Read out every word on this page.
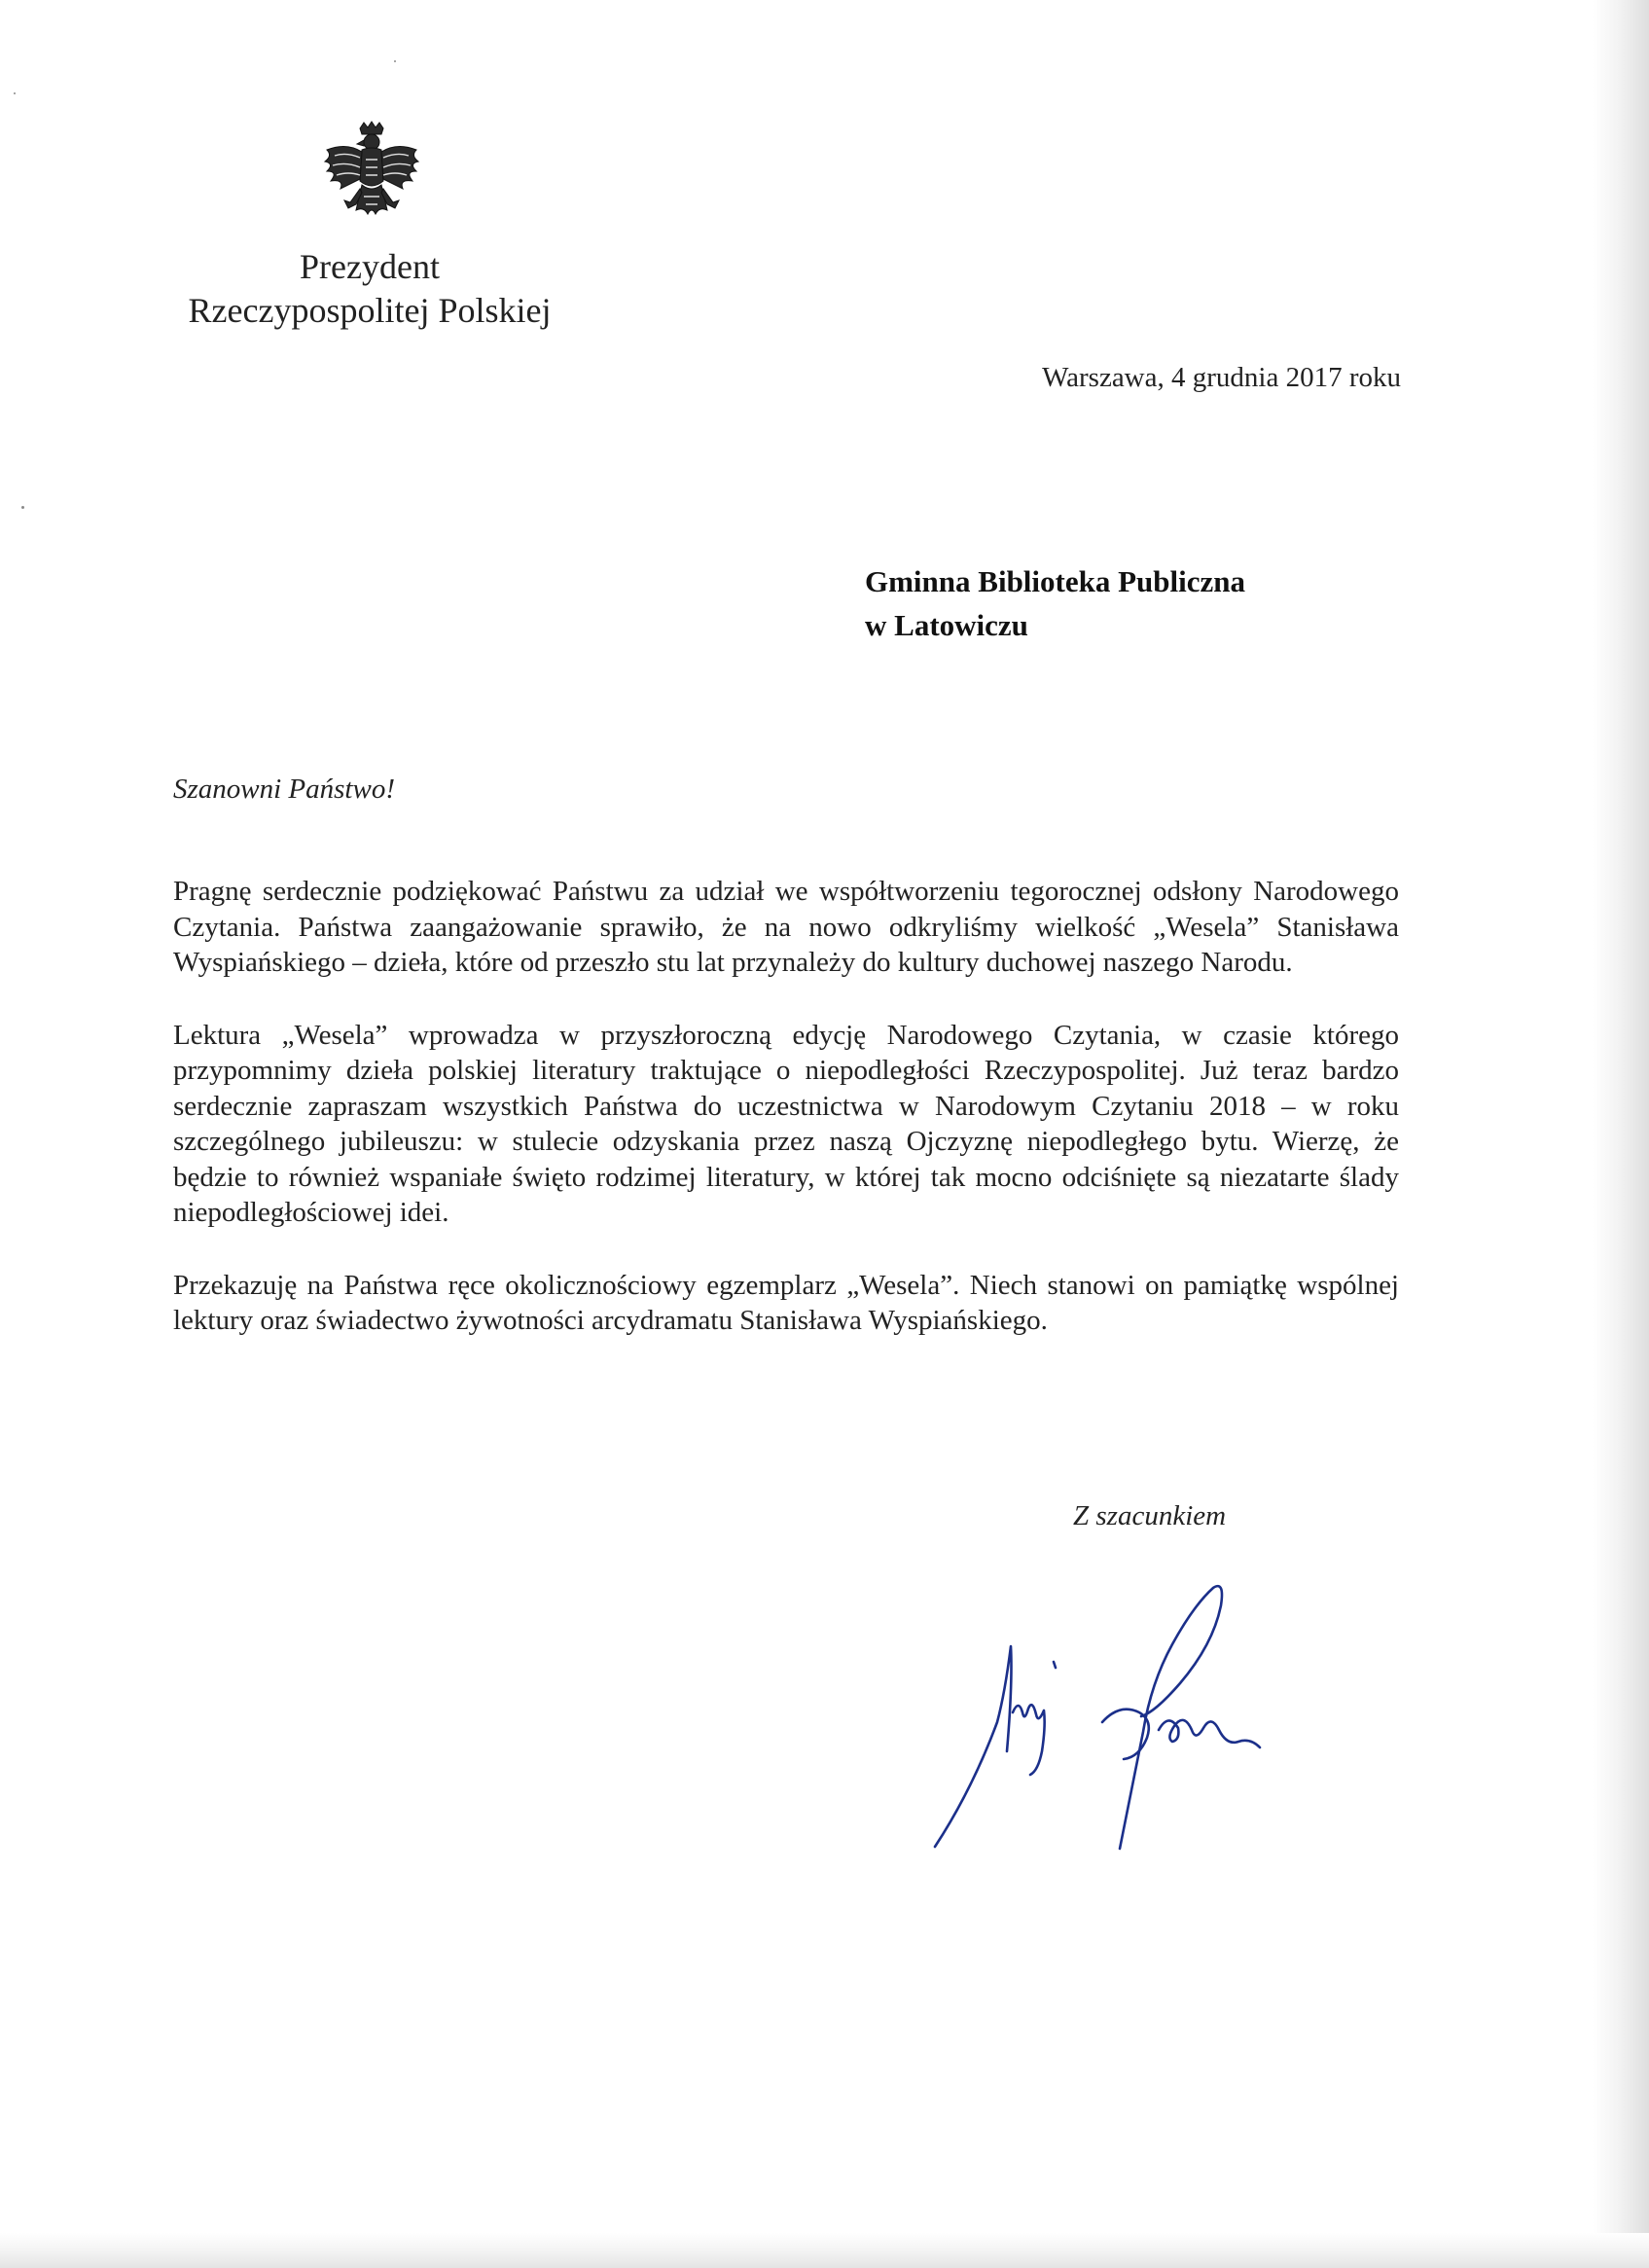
Prezydent
Rzeczypospolitej Polskiej
Warszawa, 4 grudnia 2017 roku
Gminna Biblioteka Publiczna
w Latowiczu
Szanowni Państwo!

Pragnę serdecznie podziękować Państwu za udział we współtworzeniu tegorocznej odsłony Narodowego Czytania. Państwa zaangażowanie sprawiło, że na nowo odkryliśmy wielkość „Wesela” Stanisława Wyspiańskiego – dzieła, które od przeszło stu lat przynależy do kultury duchowej naszego Narodu.

Lektura „Wesela” wprowadza w przyszłoroczną edycję Narodowego Czytania, w czasie którego przypomnimy dzieła polskiej literatury traktujące o niepodległości Rzeczypospolitej. Już teraz bardzo serdecznie zapraszam wszystkich Państwa do uczestnictwa w Narodowym Czytaniu 2018 – w roku szczególnego jubileuszu: w stulecie odzyskania przez naszą Ojczyznę niepodległego bytu. Wierzę, że będzie to również wspaniałe święto rodzimej literatury, w której tak mocno odciśnięte są niezatarte ślady niepodległościowej idei.

Przekazuję na Państwa ręce okolicznościowy egzemplarz „Wesela”. Niech stanowi on pamiątkę wspólnej lektury oraz świadectwo żywotności arcydramatu Stanisława Wyspiańskiego.

Z szacunkiem
